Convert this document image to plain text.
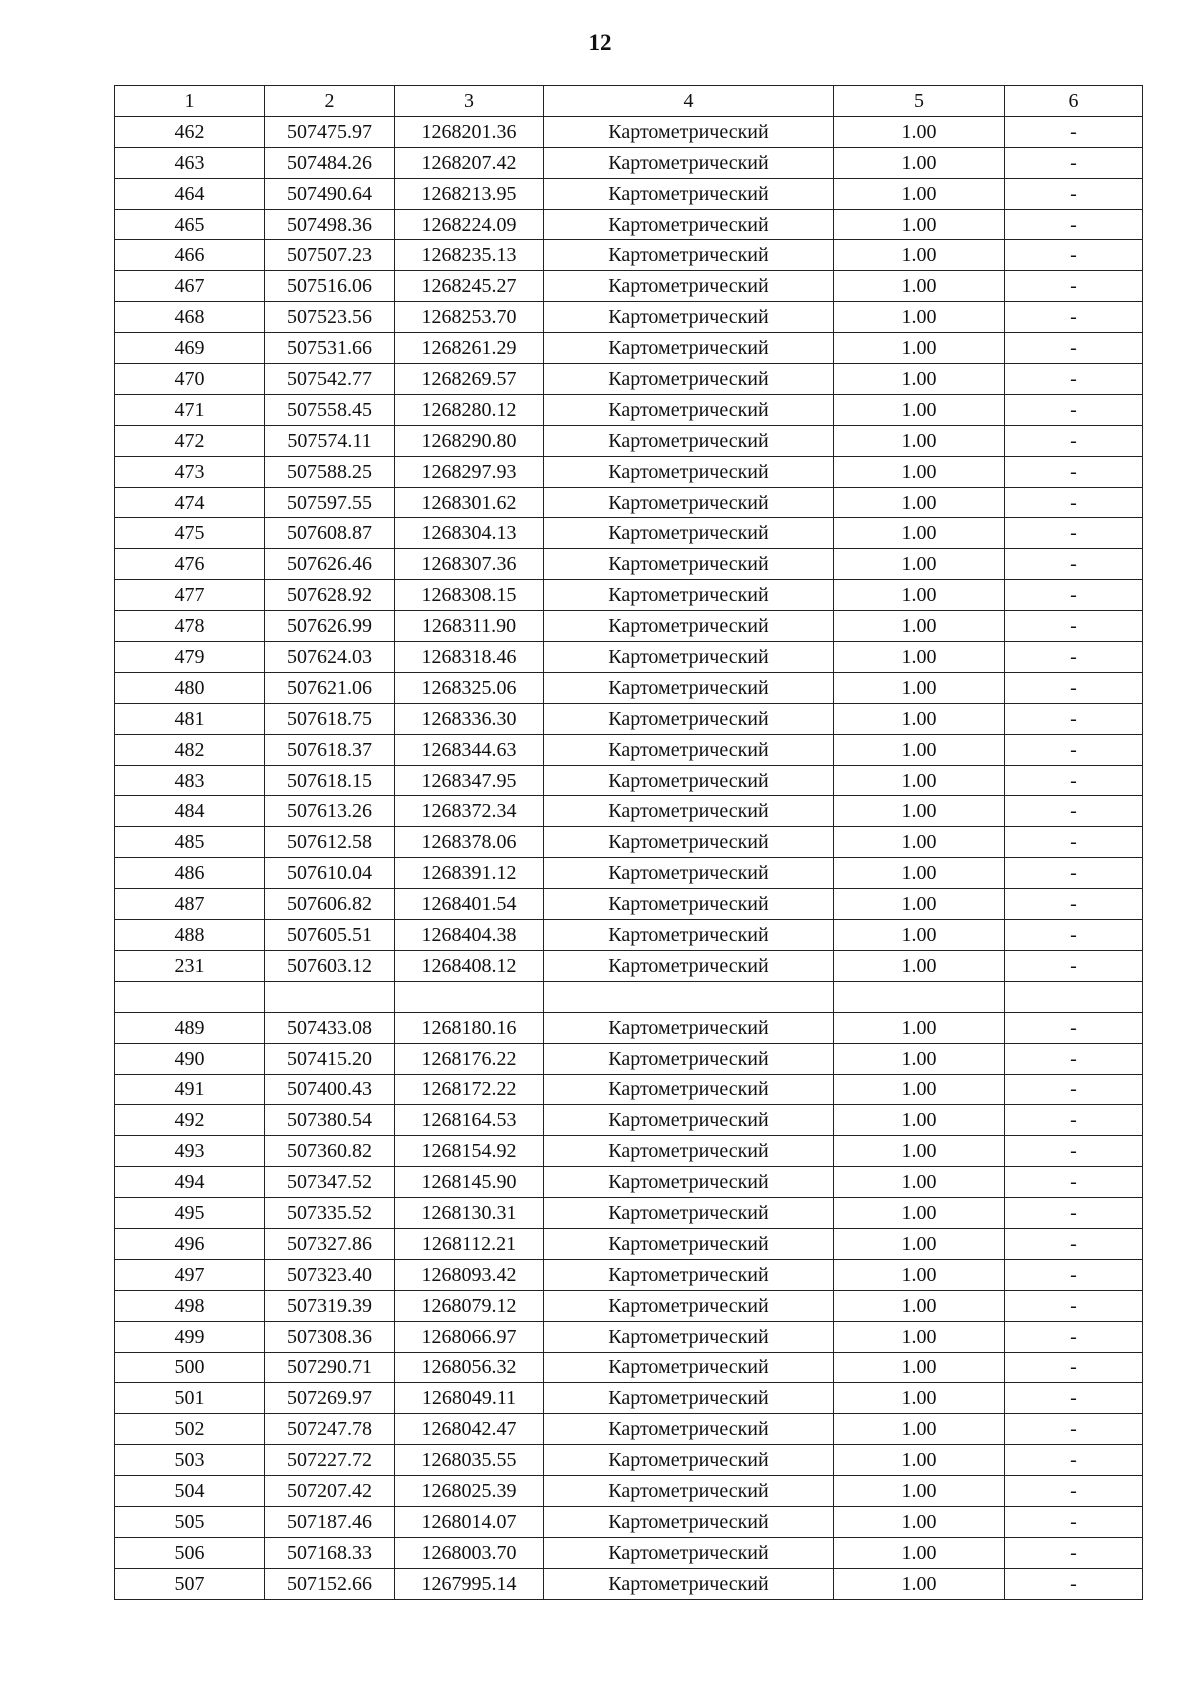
12
1	2	3	4	5	6
462	507475.97	1268201.36	Картометрический	1.00	-
463	507484.26	1268207.42	Картометрический	1.00	-
464	507490.64	1268213.95	Картометрический	1.00	-
465	507498.36	1268224.09	Картометрический	1.00	-
466	507507.23	1268235.13	Картометрический	1.00	-
467	507516.06	1268245.27	Картометрический	1.00	-
468	507523.56	1268253.70	Картометрический	1.00	-
469	507531.66	1268261.29	Картометрический	1.00	-
470	507542.77	1268269.57	Картометрический	1.00	-
471	507558.45	1268280.12	Картометрический	1.00	-
472	507574.11	1268290.80	Картометрический	1.00	-
473	507588.25	1268297.93	Картометрический	1.00	-
474	507597.55	1268301.62	Картометрический	1.00	-
475	507608.87	1268304.13	Картометрический	1.00	-
476	507626.46	1268307.36	Картометрический	1.00	-
477	507628.92	1268308.15	Картометрический	1.00	-
478	507626.99	1268311.90	Картометрический	1.00	-
479	507624.03	1268318.46	Картометрический	1.00	-
480	507621.06	1268325.06	Картометрический	1.00	-
481	507618.75	1268336.30	Картометрический	1.00	-
482	507618.37	1268344.63	Картометрический	1.00	-
483	507618.15	1268347.95	Картометрический	1.00	-
484	507613.26	1268372.34	Картометрический	1.00	-
485	507612.58	1268378.06	Картометрический	1.00	-
486	507610.04	1268391.12	Картометрический	1.00	-
487	507606.82	1268401.54	Картометрический	1.00	-
488	507605.51	1268404.38	Картометрический	1.00	-
231	507603.12	1268408.12	Картометрический	1.00	-

489	507433.08	1268180.16	Картометрический	1.00	-
490	507415.20	1268176.22	Картометрический	1.00	-
491	507400.43	1268172.22	Картометрический	1.00	-
492	507380.54	1268164.53	Картометрический	1.00	-
493	507360.82	1268154.92	Картометрический	1.00	-
494	507347.52	1268145.90	Картометрический	1.00	-
495	507335.52	1268130.31	Картометрический	1.00	-
496	507327.86	1268112.21	Картометрический	1.00	-
497	507323.40	1268093.42	Картометрический	1.00	-
498	507319.39	1268079.12	Картометрический	1.00	-
499	507308.36	1268066.97	Картометрический	1.00	-
500	507290.71	1268056.32	Картометрический	1.00	-
501	507269.97	1268049.11	Картометрический	1.00	-
502	507247.78	1268042.47	Картометрический	1.00	-
503	507227.72	1268035.55	Картометрический	1.00	-
504	507207.42	1268025.39	Картометрический	1.00	-
505	507187.46	1268014.07	Картометрический	1.00	-
506	507168.33	1268003.70	Картометрический	1.00	-
507	507152.66	1267995.14	Картометрический	1.00	-
